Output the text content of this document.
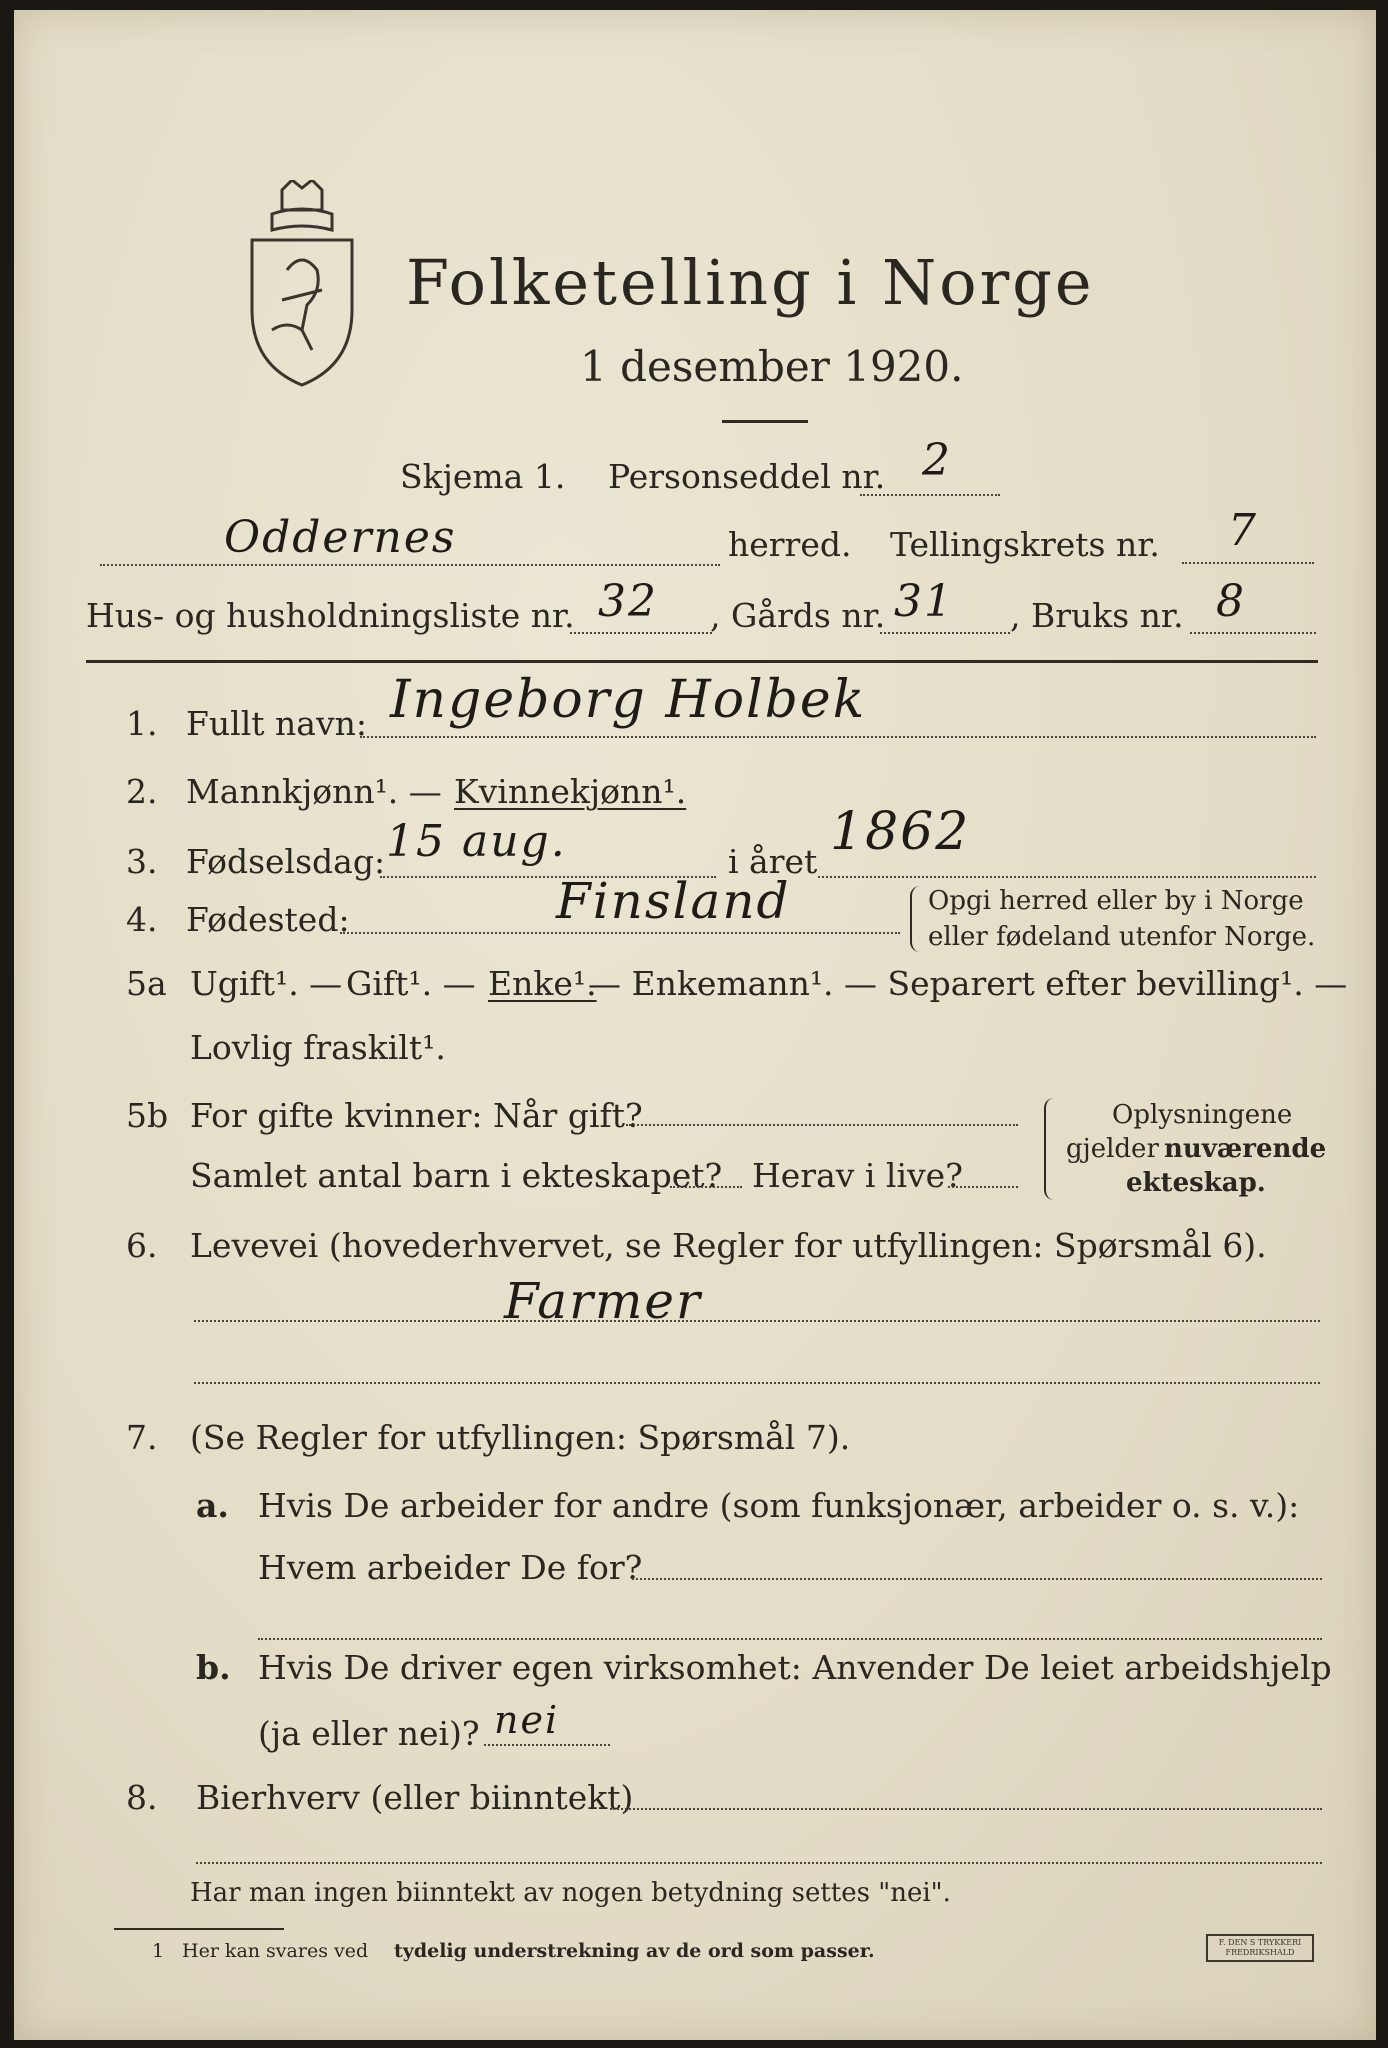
Folketelling i Norge
1 desember 1920.
Skjema 1. Personseddel nr. 2
Oddernes	herred. Tellingskrets nr. 7
Hus- og husholdningsliste nr. 32 , Gårds nr. 31 , Bruks nr. 8
1. Fullt navn: Ingeborg Holbek
2. Mannkjønn¹. — Kvinnekjønn¹.
3. Fødselsdag: 15 aug.	i året 1862
4. Fødested:	Finsland	Opgi herred eller by i Norge
eller fødeland utenfor Norge.
5a Ugift¹. — Gift¹. — Enke¹.
— Enkemann¹. — Separert efter bevilling¹. —
Lovlig fraskilt¹.
5b For gifte kvinner: Når gift?
Samlet antal barn i ekteskapet? Herav i live?
Oplysningene
gjelder nuværende
ekteskap.
6. Levevei (hovederhvervet, se Regler for utfyllingen: Spørsmål 6).
Farmer
7. (Se Regler for utfyllingen: Spørsmål 7).
a. Hvis De arbeider for andre (som funksjonær, arbeider o. s. v.):
Hvem arbeider De for?
b. Hvis De driver egen virksomhet: Anvender De leiet arbeidshjelp
(ja eller nei)? nei
8. Bierhverv (eller biinntekt)
Har man ingen biinntekt av nogen betydning settes "nei".
1 Her kan svares ved tydelig understrekning av de ord som passer.	F. DEN S TRYKKERI FREDRIKSHALD
